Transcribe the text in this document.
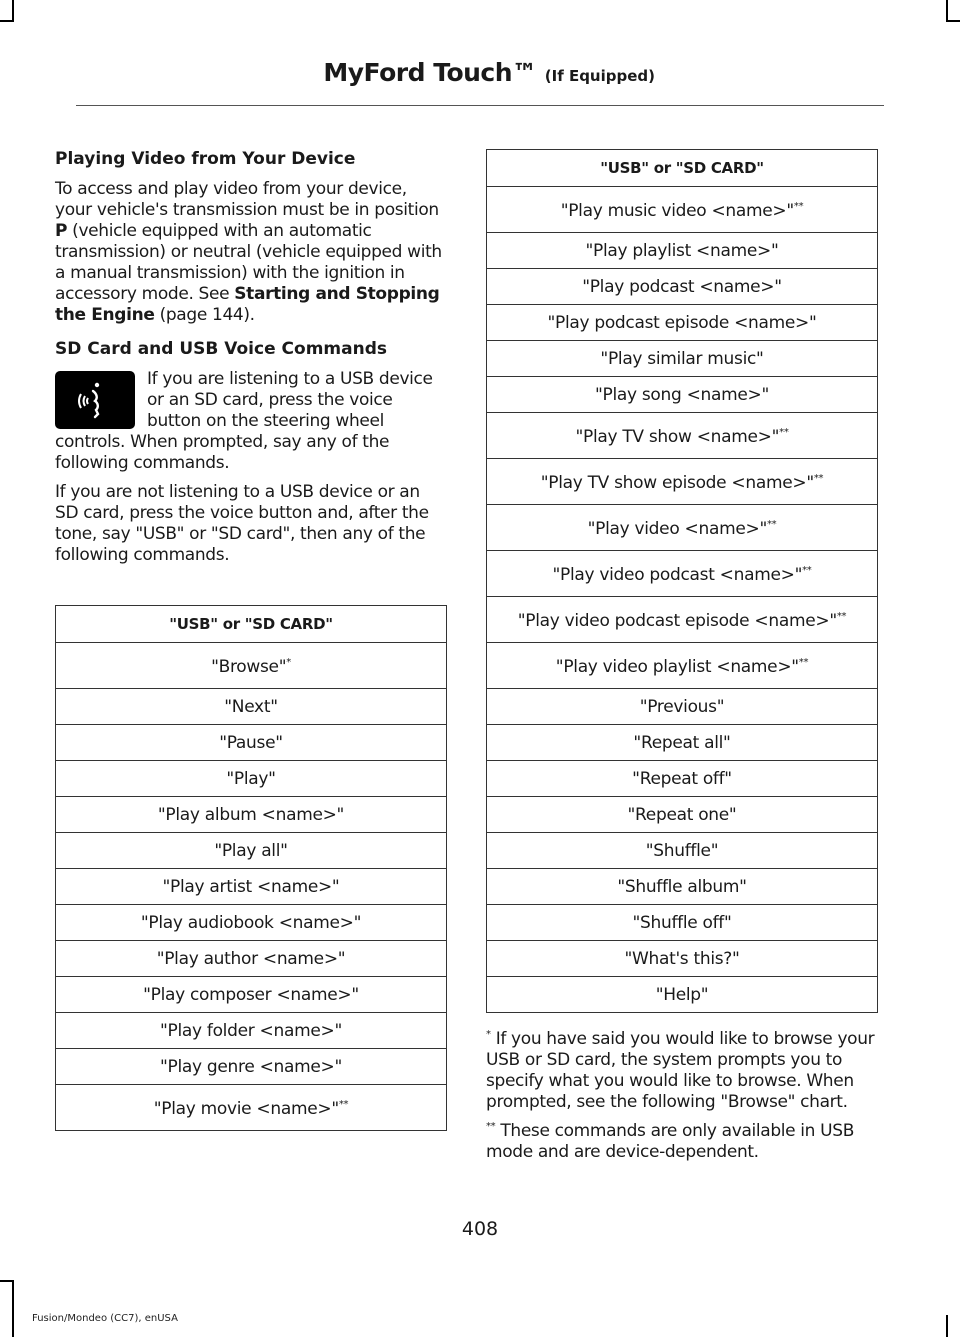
MyFord Touch™ (If Equipped)
Playing Video from Your Device

To access and play video from your device, your vehicle's transmission must be in position P (vehicle equipped with an automatic transmission) or neutral (vehicle equipped with a manual transmission) with the ignition in accessory mode. See Starting and Stopping the Engine (page 144).

SD Card and USB Voice Commands

If you are listening to a USB device or an SD card, press the voice button on the steering wheel controls. When prompted, say any of the following commands.

If you are not listening to a USB device or an SD card, press the voice button and, after the tone, say "USB" or "SD card", then any of the following commands.

"USB" or "SD CARD"
"Browse"*
"Next"
"Pause"
"Play"
"Play album <name>"
"Play all"
"Play artist <name>"
"Play audiobook <name>"
"Play author <name>"
"Play composer <name>"
"Play folder <name>"
"Play genre <name>"
"Play movie <name>"**
"USB" or "SD CARD"
"Play music video <name>"**
"Play playlist <name>"
"Play podcast <name>"
"Play podcast episode <name>"
"Play similar music"
"Play song <name>"
"Play TV show <name>"**
"Play TV show episode <name>"**
"Play video <name>"**
"Play video podcast <name>"**
"Play video podcast episode <name>"**
"Play video playlist <name>"**
"Previous"
"Repeat all"
"Repeat off"
"Repeat one"
"Shuffle"
"Shuffle album"
"Shuffle off"
"What's this?"
"Help"

* If you have said you would like to browse your USB or SD card, the system prompts you to specify what you would like to browse. When prompted, see the following "Browse" chart.

** These commands are only available in USB mode and are device-dependent.

408
Fusion/Mondeo (CC7), enUSA
